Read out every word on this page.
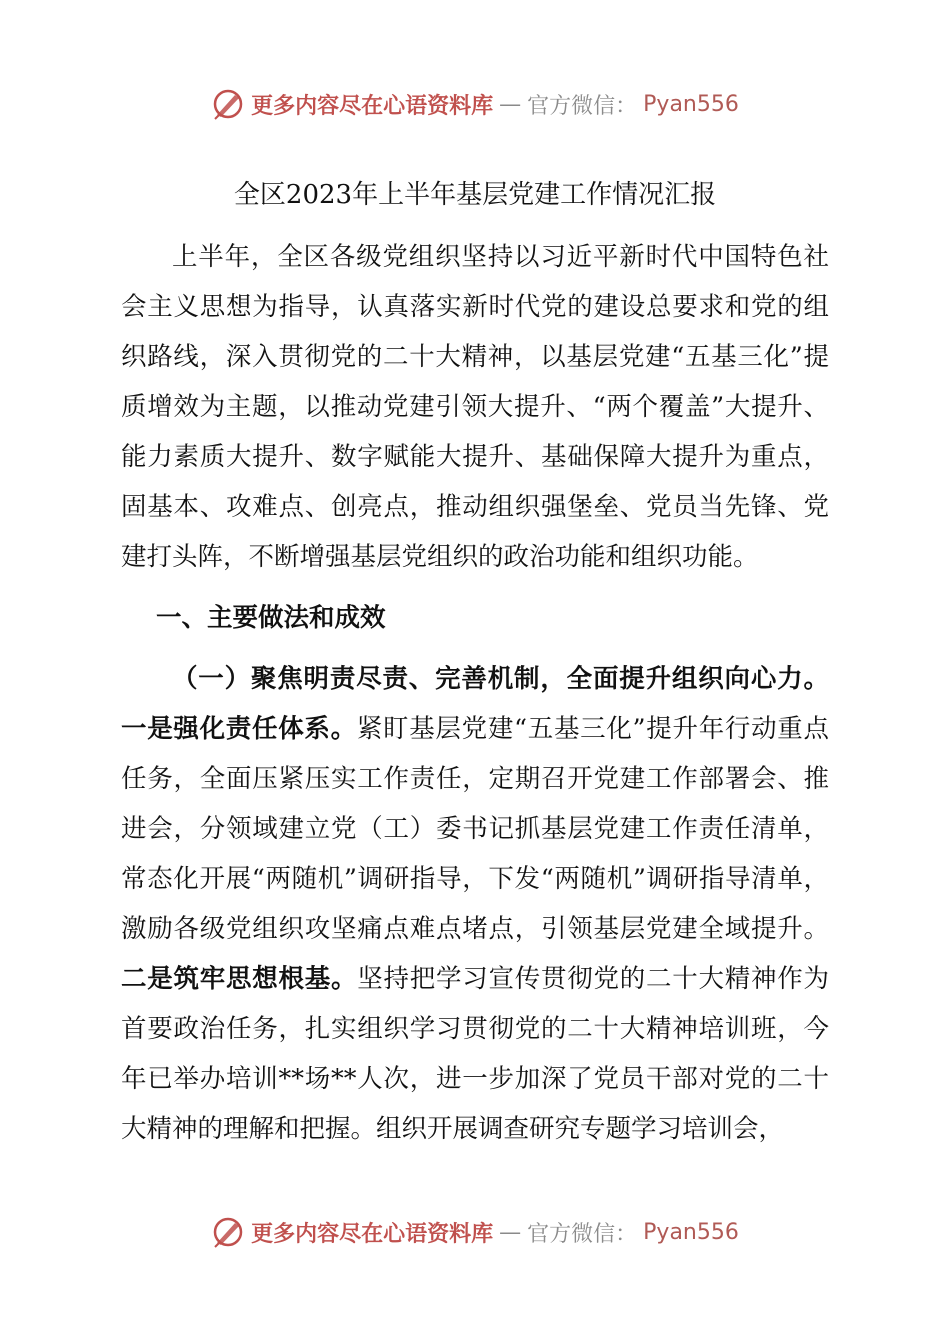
更多内容尽在心语资料库 — 官方微信： Pyan556
全区2023年上半年基层党建工作情况汇报

上半年，全区各级党组织坚持以习近平新时代中国特色社会主义思想为指导，认真落实新时代党的建设总要求和党的组织路线，深入贯彻党的二十大精神，以基层党建“五基三化”提质增效为主题，以推动党建引领大提升、“两个覆盖”大提升、能力素质大提升、数字赋能大提升、基础保障大提升为重点，固基本、攻难点、创亮点，推动组织强堡垒、党员当先锋、党建打头阵，不断增强基层党组织的政治功能和组织功能。

一、主要做法和成效

（一）聚焦明责尽责、完善机制，全面提升组织向心力。一是强化责任体系。紧盯基层党建“五基三化”提升年行动重点任务，全面压紧压实工作责任，定期召开党建工作部署会、推进会，分领域建立党（工）委书记抓基层党建工作责任清单，常态化开展“两随机”调研指导，下发“两随机”调研指导清单，激励各级党组织攻坚痛点难点堵点，引领基层党建全域提升。二是筑牢思想根基。坚持把学习宣传贯彻党的二十大精神作为首要政治任务，扎实组织学习贯彻党的二十大精神培训班，今年已举办培训**场**人次，进一步加深了党员干部对党的二十大精神的理解和把握。组织开展调查研究专题学习培训会，

更多内容尽在心语资料库 — 官方微信： Pyan556
